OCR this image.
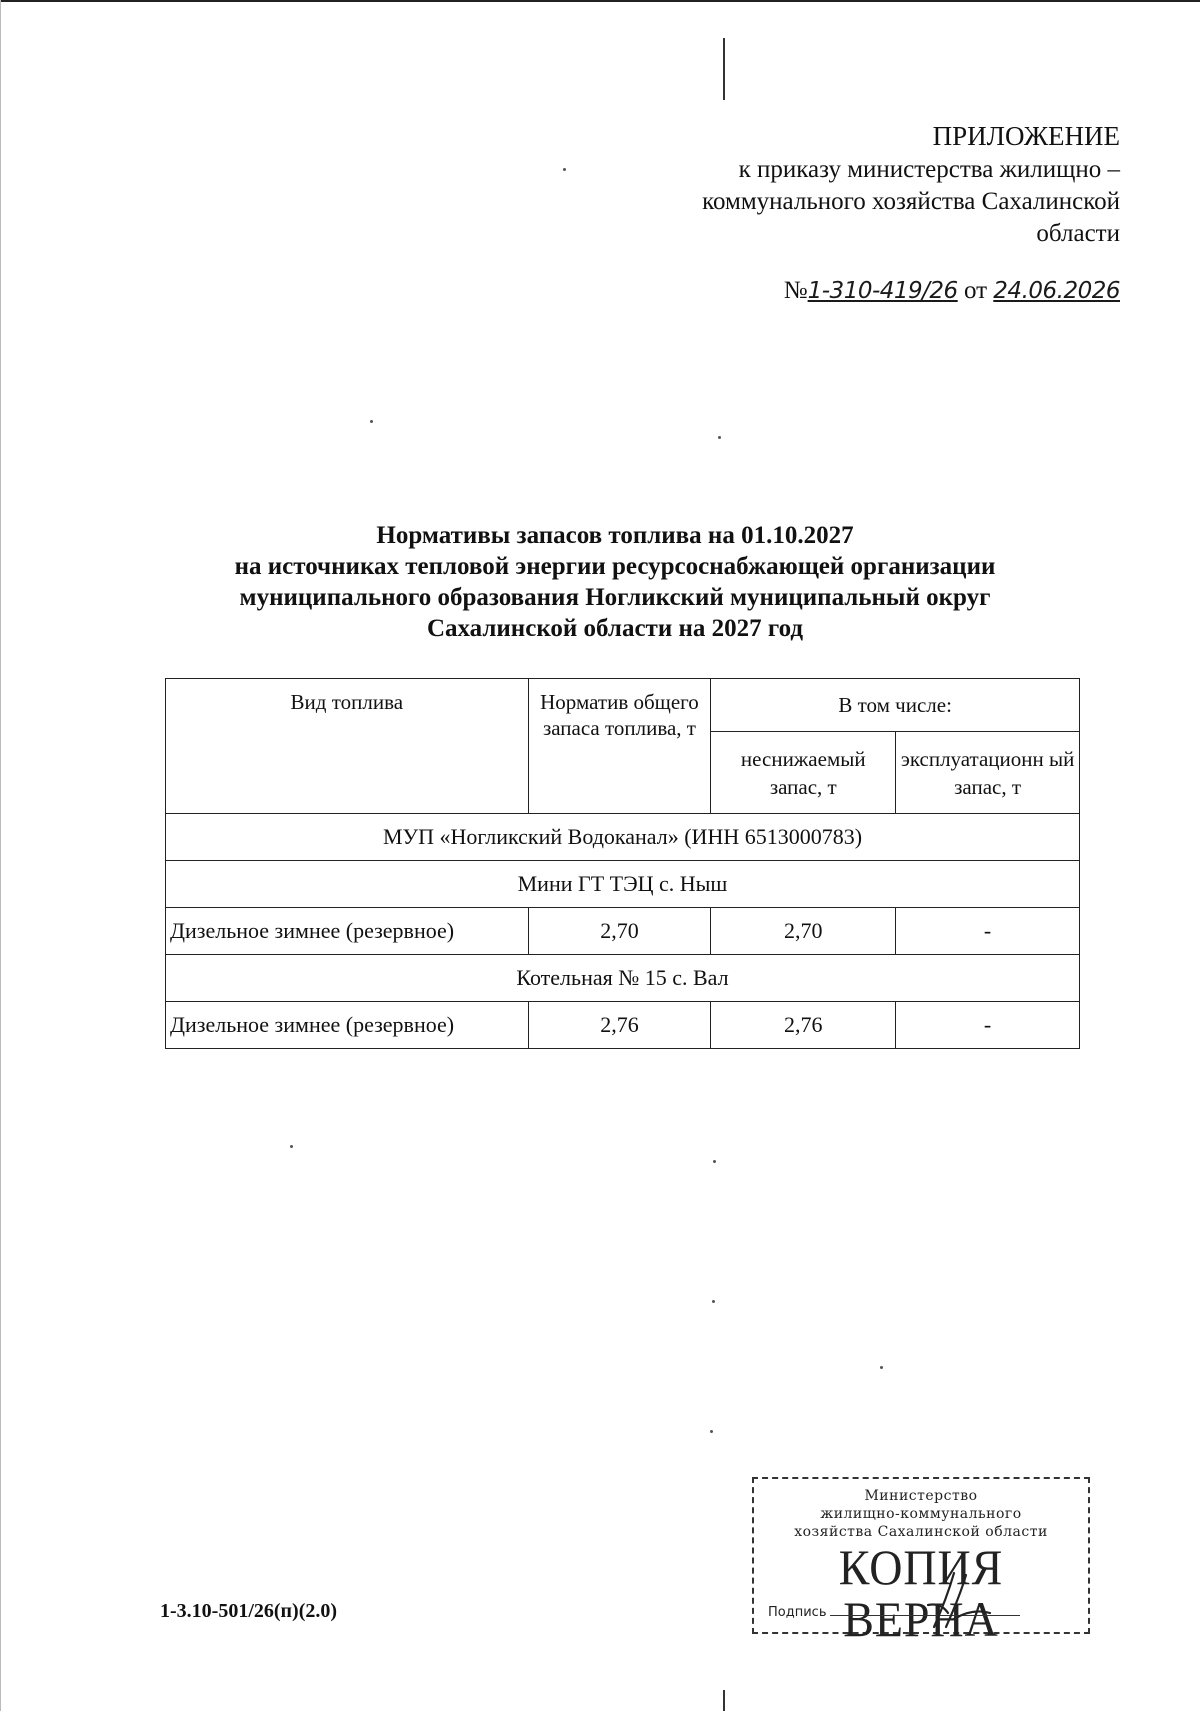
ПРИЛОЖЕНИЕ
к приказу министерства жилищно –
коммунального хозяйства Сахалинской
области
№1-310-419/26 от 24.06.2026
Нормативы запасов топлива на 01.10.2027
на источниках тепловой энергии ресурсоснабжающей организации
муниципального образования Ногликский муниципальный округ
Сахалинской области на 2027 год
Вид топлива	Норматив общего запаса топлива, т	В том числе:	
		неснижаемый запас, т	эксплуатационн ый запас, т
МУП «Ногликский Водоканал» (ИНН 6513000783)			
Мини ГТ ТЭЦ с. Ныш			
Дизельное зимнее (резервное)	2,70	2,70	-
Котельная № 15 с. Вал			
Дизельное зимнее (резервное)	2,76	2,76	-
1-3.10-501/26(п)(2.0)
Министерство
жилищно-коммунального
хозяйства Сахалинской области
КОПИЯ ВЕРНА
Подпись
